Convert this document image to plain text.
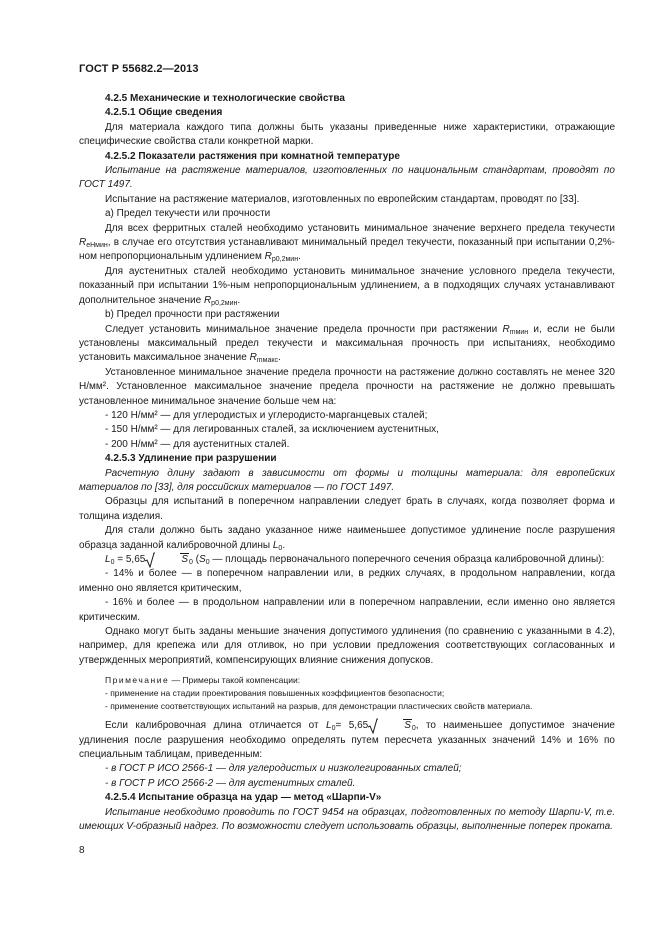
ГОСТ Р 55682.2—2013

4.2.5 Механические и технологические свойства

4.2.5.1 Общие сведения

Для материала каждого типа должны быть указаны приведенные ниже характеристики, отражающие специфические свойства стали конкретной марки.

4.2.5.2 Показатели растяжения при комнатной температуре

Испытание на растяжение материалов, изготовленных по национальным стандартам, проводят по ГОСТ 1497.

Испытание на растяжение материалов, изготовленных по европейским стандартам, проводят по [33].

a) Предел текучести или прочности

Для всех ферритных сталей необходимо установить минимальное значение верхнего предела текучести $R_{eHмин}$, в случае его отсутствия устанавливают минимальный предел текучести, показанный при испытании 0,2%-ном непропорциональным удлинением $R_{p0,2мин}$.

Для аустенитных сталей необходимо установить минимальное значение условного предела текучести, показанный при испытании 1%-ным непропорциональным удлинением, а в подходящих случаях устанавливают дополнительное значение $R_{p0,2мин}$.

b) Предел прочности при растяжении

Следует установить минимальное значение предела прочности при растяжении $R_{mмин}$ и, если не были установлены максимальный предел текучести и максимальная прочность при испытаниях, необходимо установить максимальное значение $R_{mмакс}$.

Установленное минимальное значение предела прочности на растяжение должно составлять не менее 320 Н/мм². Установленное максимальное значение предела прочности на растяжение не должно превышать установленное минимальное значение больше чем на:

- 120 Н/мм² — для углеродистых и углеродисто-марганцевых сталей;

- 150 Н/мм² — для легированных сталей, за исключением аустенитных,

- 200 Н/мм² — для аустенитных сталей.

4.2.5.3 Удлинение при разрушении

Расчетную длину задают в зависимости от формы и толщины материала: для европейских материалов по [33], для российских материалов — по ГОСТ 1497.

Образцы для испытаний в поперечном направлении следует брать в случаях, когда позволяет форма и толщина изделия.

Для стали должно быть задано указанное ниже наименьшее допустимое удлинение после разрушения образца заданной калибровочной длины $L_0$.

$L_0 = 5,65$	$S_0$ ($S_0$ — площадь первоначального поперечного сечения образца калибровочной длины):

- 14% и более — в поперечном направлении или, в редких случаях, в продольном направлении, когда именно оно является критическим,

- 16% и более — в продольном направлении или в поперечном направлении, если именно оно является критическим.

Однако могут быть заданы меньшие значения допустимого удлинения (по сравнению с указанными в 4.2), например, для крепежа или для отливок, но при условии предложения соответствующих согласованных и утвержденных мероприятий, компенсирующих влияние снижения допусков.

Примечание — Примеры такой компенсации:

- применение на стадии проектирования повышенных коэффициентов безопасности;

- применение соответствующих испытаний на разрыв, для демонстрации пластических свойств материала.

Если калибровочная длина отличается от $L_0= 5,65$	$S_0$, то наименьшее допустимое значение удлинения после разрушения необходимо определять путем пересчета указанных значений 14% и 16% по специальным таблицам, приведенным:

- в ГОСТ Р ИСО 2566-1 — для углеродистых и низколегированных сталей;

- в ГОСТ Р ИСО 2566-2 — для аустенитных сталей.

4.2.5.4 Испытание образца на удар — метод «Шарпи-V»

Испытание необходимо проводить по ГОСТ 9454 на образцах, подготовленных по методу Шарпи-V, т.е. имеющих V-образный надрез. По возможности следует использовать образцы, выполненные поперек проката.

8
